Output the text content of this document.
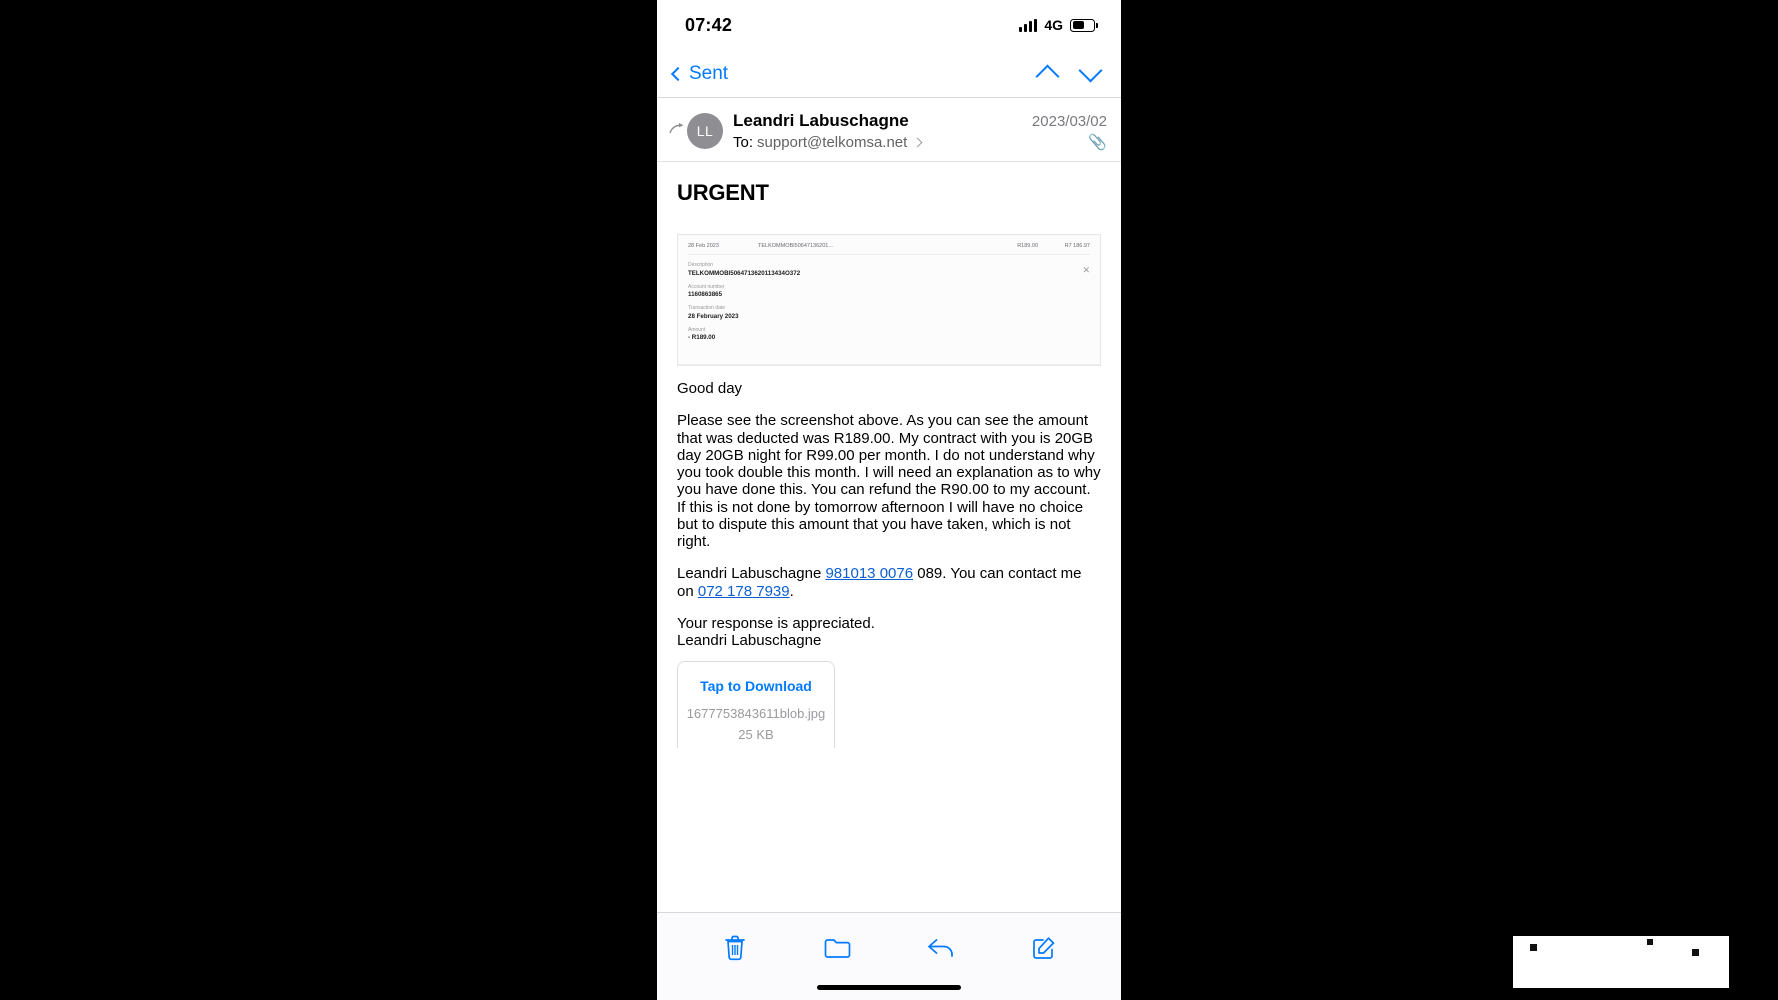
07:42	4G
Sent
LL
Leandri Labuschagne	2023/03/02
To: support@telkomsa.net	📎
URGENT
28 Feb 2023	TELKOMMOBI50647136201...	R189.00	R7 186.97
✕
Description
TELKOMMOBI5064713620113434O372
Account number
1160863865
Transaction date
28 February 2023
Amount
- R189.00
Good day
Please see the screenshot above. As you can see the amount that was deducted was R189.00. My contract with you is 20GB day 20GB night for R99.00 per month. I do not understand why you took double this month. I will need an explanation as to why you have done this. You can refund the R90.00 to my account. If this is not done by tomorrow afternoon I will have no choice but to dispute this amount that you have taken, which is not right.
Leandri Labuschagne 981013 0076 089. You can contact me on 072 178 7939.
Your response is appreciated.
Leandri Labuschagne
Tap to Download
1677753843611blob.jpg
25 KB
